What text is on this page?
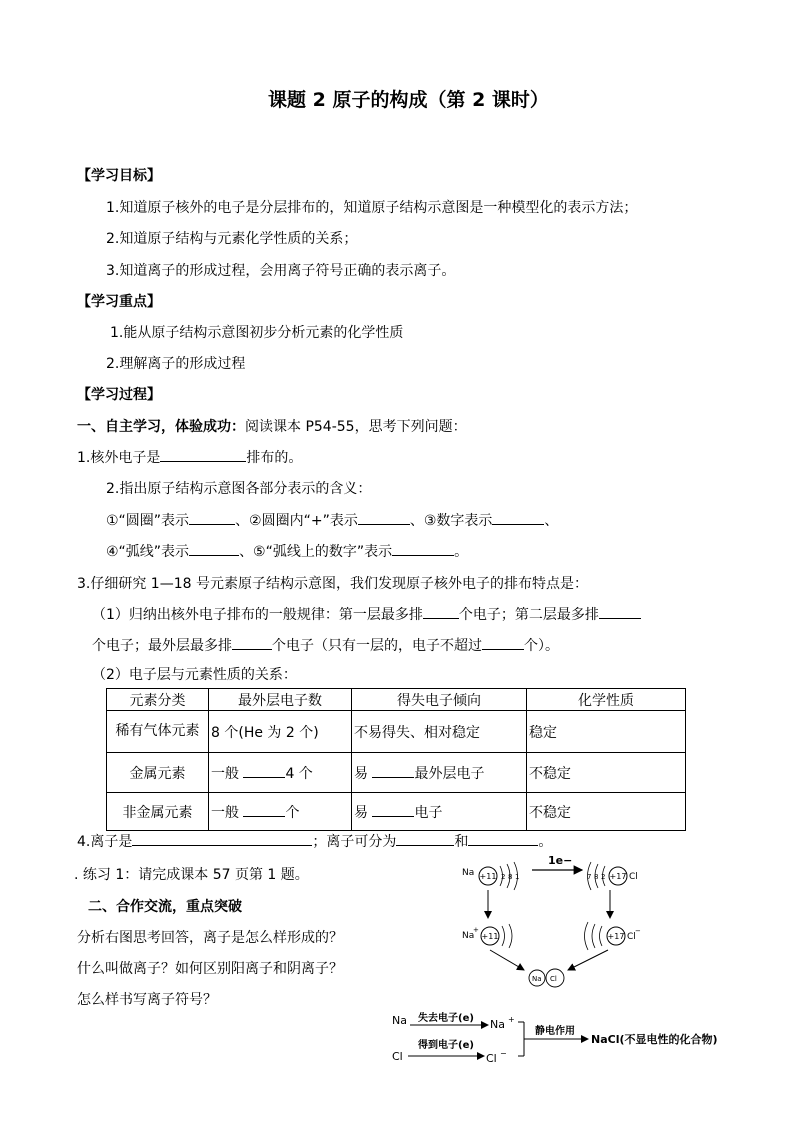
课题 2 原子的构成（第 2 课时）
【学习目标】
1.知道原子核外的电子是分层排布的，知道原子结构示意图是一种模型化的表示方法；
2.知道原子结构与元素化学性质的关系；
3.知道离子的形成过程，会用离子符号正确的表示离子。
【学习重点】
1.能从原子结构示意图初步分析元素的化学性质
2.理解离子的形成过程
【学习过程】
一、自主学习，体验成功：阅读课本 P54-55，思考下列问题：
1.核外电子是	排布的。
2.指出原子结构示意图各部分表示的含义：
①“圆圈”表示	、②圆圈内“+”表示	、③数字表示	、
④“弧线”表示	、⑤“弧线上的数字”表示	。
3.仔细研究 1—18 号元素原子结构示意图，我们发现原子核外电子的排布特点是：
（1）归纳出核外电子排布的一般规律：第一层最多排	个电子；第二层最多排
个电子；最外层最多排	个电子（只有一层的，电子不超过	个）。
（2）电子层与元素性质的关系：
元素分类	最外层电子数	得失电子倾向	化学性质
稀有气体元素	8 个(He 为 2 个)	不易得失、相对稳定	稳定
金属元素	一般 4 个	易 最外层电子	不稳定
非金属元素	一般 个	易 电子	不稳定
4.离子是	；离子可分为	和	。
. 练习 1：请完成课本 57 页第 1 题。
二、合作交流，重点突破
分析右图思考回答，离子是怎么样形成的？
什么叫做离子？如何区别阳离子和阴离子？
怎么样书写离子符号？
Na +11 2 8 1
1e−
7 8 2 +17 Cl
Na
+
+11	+17 Cl
−
Na Cl
Na 失去电子(e) Na +
Cl
得到电子(e)
Cl −
静电作用
NaCl(不显电性的化合物)
